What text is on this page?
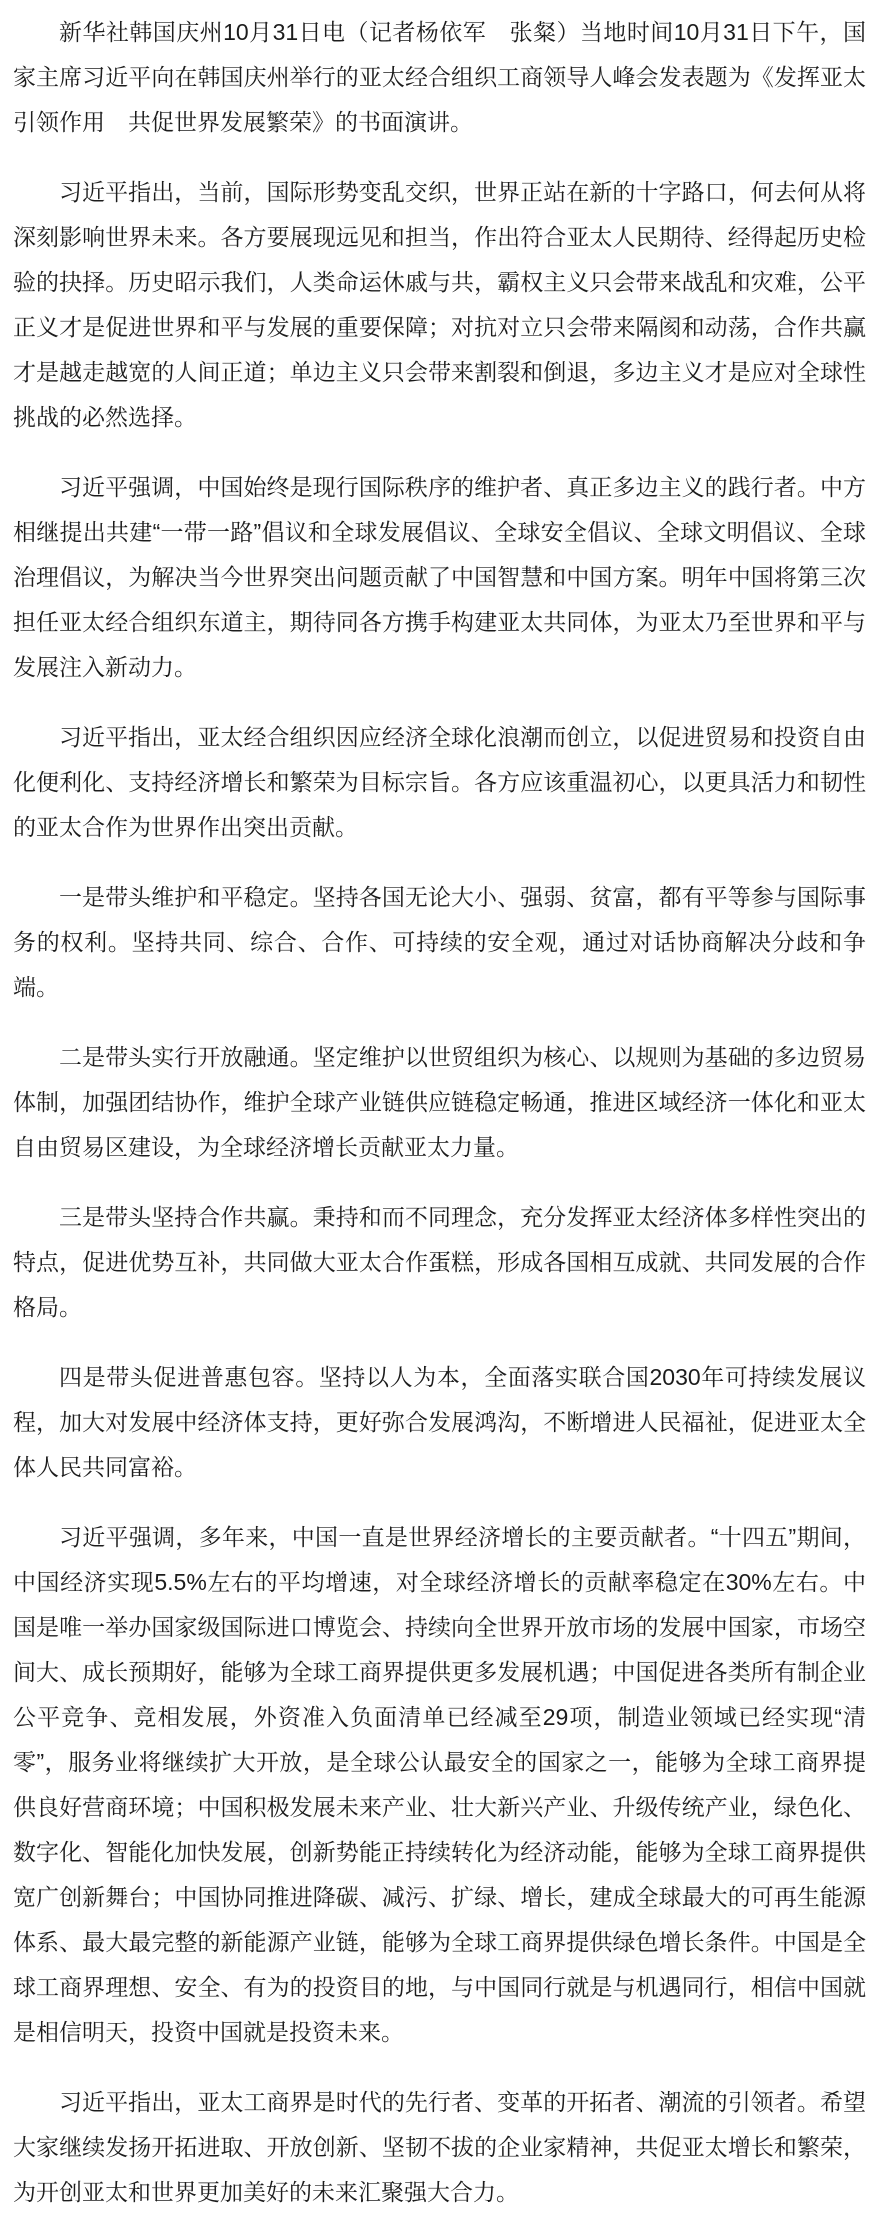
新华社韩国庆州10月31日电（记者杨依军　张粲）当地时间10月31日下午，国家主席习近平向在韩国庆州举行的亚太经合组织工商领导人峰会发表题为《发挥亚太引领作用　共促世界发展繁荣》的书面演讲。

习近平指出，当前，国际形势变乱交织，世界正站在新的十字路口，何去何从将深刻影响世界未来。各方要展现远见和担当，作出符合亚太人民期待、经得起历史检验的抉择。历史昭示我们，人类命运休戚与共，霸权主义只会带来战乱和灾难，公平正义才是促进世界和平与发展的重要保障；对抗对立只会带来隔阂和动荡，合作共赢才是越走越宽的人间正道；单边主义只会带来割裂和倒退，多边主义才是应对全球性挑战的必然选择。

习近平强调，中国始终是现行国际秩序的维护者、真正多边主义的践行者。中方相继提出共建“一带一路”倡议和全球发展倡议、全球安全倡议、全球文明倡议、全球治理倡议，为解决当今世界突出问题贡献了中国智慧和中国方案。明年中国将第三次担任亚太经合组织东道主，期待同各方携手构建亚太共同体，为亚太乃至世界和平与发展注入新动力。

习近平指出，亚太经合组织因应经济全球化浪潮而创立，以促进贸易和投资自由化便利化、支持经济增长和繁荣为目标宗旨。各方应该重温初心，以更具活力和韧性的亚太合作为世界作出突出贡献。

一是带头维护和平稳定。坚持各国无论大小、强弱、贫富，都有平等参与国际事务的权利。坚持共同、综合、合作、可持续的安全观，通过对话协商解决分歧和争端。

二是带头实行开放融通。坚定维护以世贸组织为核心、以规则为基础的多边贸易体制，加强团结协作，维护全球产业链供应链稳定畅通，推进区域经济一体化和亚太自由贸易区建设，为全球经济增长贡献亚太力量。

三是带头坚持合作共赢。秉持和而不同理念，充分发挥亚太经济体多样性突出的特点，促进优势互补，共同做大亚太合作蛋糕，形成各国相互成就、共同发展的合作格局。

四是带头促进普惠包容。坚持以人为本，全面落实联合国2030年可持续发展议程，加大对发展中经济体支持，更好弥合发展鸿沟，不断增进人民福祉，促进亚太全体人民共同富裕。

习近平强调，多年来，中国一直是世界经济增长的主要贡献者。“十四五”期间，中国经济实现5.5%左右的平均增速，对全球经济增长的贡献率稳定在30%左右。中国是唯一举办国家级国际进口博览会、持续向全世界开放市场的发展中国家，市场空间大、成长预期好，能够为全球工商界提供更多发展机遇；中国促进各类所有制企业公平竞争、竞相发展，外资准入负面清单已经减至29项，制造业领域已经实现“清零”，服务业将继续扩大开放，是全球公认最安全的国家之一，能够为全球工商界提供良好营商环境；中国积极发展未来产业、壮大新兴产业、升级传统产业，绿色化、数字化、智能化加快发展，创新势能正持续转化为经济动能，能够为全球工商界提供宽广创新舞台；中国协同推进降碳、减污、扩绿、增长，建成全球最大的可再生能源体系、最大最完整的新能源产业链，能够为全球工商界提供绿色增长条件。中国是全球工商界理想、安全、有为的投资目的地，与中国同行就是与机遇同行，相信中国就是相信明天，投资中国就是投资未来。

习近平指出，亚太工商界是时代的先行者、变革的开拓者、潮流的引领者。希望大家继续发扬开拓进取、开放创新、坚韧不拔的企业家精神，共促亚太增长和繁荣，为开创亚太和世界更加美好的未来汇聚强大合力。
